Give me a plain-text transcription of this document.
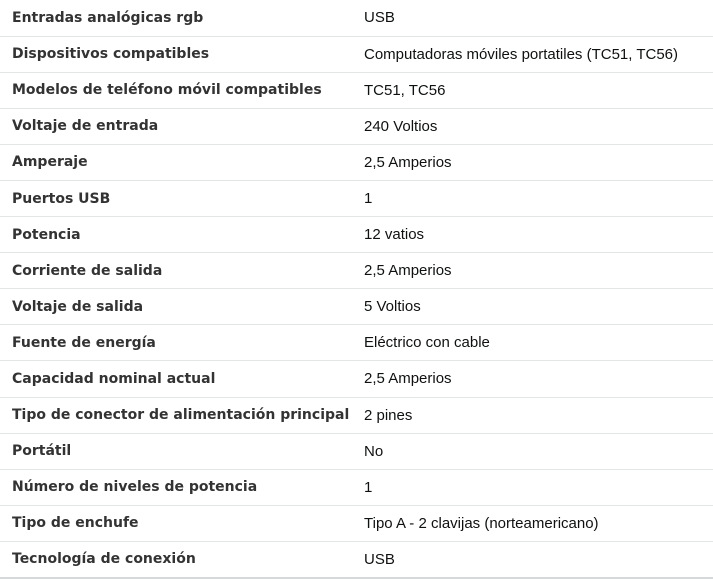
Entradas analógicas rgb	USB
Dispositivos compatibles	Computadoras móviles portatiles (TC51, TC56)
Modelos de teléfono móvil compatibles	TC51, TC56
Voltaje de entrada	240 Voltios
Amperaje	2,5 Amperios
Puertos USB	1
Potencia	12 vatios
Corriente de salida	2,5 Amperios
Voltaje de salida	5 Voltios
Fuente de energía	Eléctrico con cable
Capacidad nominal actual	2,5 Amperios
Tipo de conector de alimentación principal	2 pines
Portátil	No
Número de niveles de potencia	1
Tipo de enchufe	Tipo A - 2 clavijas (norteamericano)
Tecnología de conexión	USB
